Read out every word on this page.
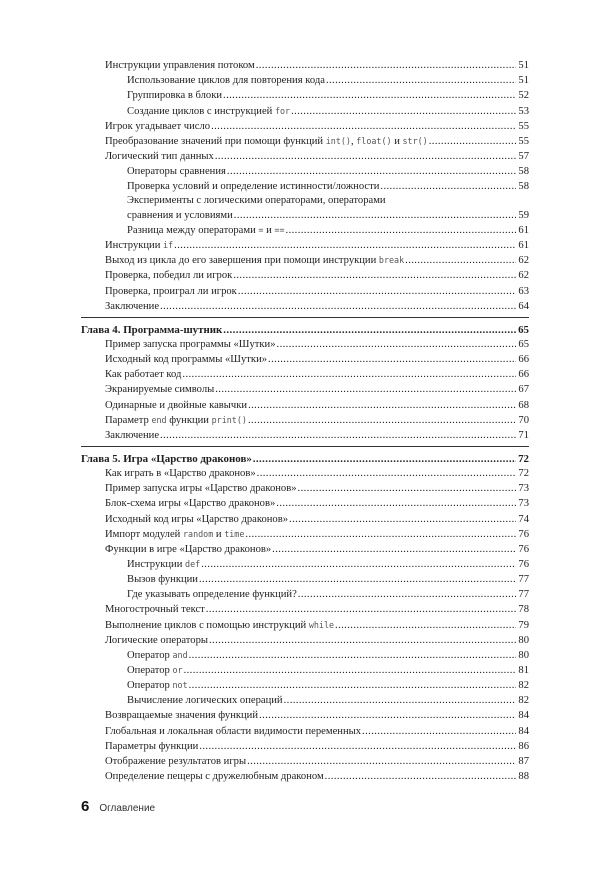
Инструкции управления потоком .....	51
Использование циклов для повторения кода .....	51
Группировка в блоки .....	52
Создание циклов с инструкцией for .....	53
Игрок угадывает число .....	55
Преобразование значений при помощи функций int(), float() и str() .....	55
Логический тип данных .....	57
Операторы сравнения .....	58
Проверка условий и определение истинности/ложности .....	58
Эксперименты с логическими операторами, операторами
сравнения и условиями .....	59
Разница между операторами = и == .....	61
Инструкции if .....	61
Выход из цикла до его завершения при помощи инструкции break .....	62
Проверка, победил ли игрок .....	62
Проверка, проиграл ли игрок .....	63
Заключение .....	64
Глава 4. Программа-шутник .....	65
Пример запуска программы «Шутки» .....	65
Исходный код программы «Шутки» .....	66
Как работает код .....	66
Экранируемые символы .....	67
Одинарные и двойные кавычки .....	68
Параметр end функции print() .....	70
Заключение .....	71
Глава 5. Игра «Царство драконов» .....	72
Как играть в «Царство драконов» .....	72
Пример запуска игры «Царство драконов» .....	73
Блок-схема игры «Царство драконов» .....	73
Исходный код игры «Царство драконов» .....	74
Импорт модулей random и time .....	76
Функции в игре «Царство драконов» .....	76
Инструкции def .....	76
Вызов функции .....	77
Где указывать определение функций? .....	77
Многострочный текст .....	78
Выполнение циклов с помощью инструкций while .....	79
Логические операторы .....	80
Оператор and .....	80
Оператор or .....	81
Оператор not .....	82
Вычисление логических операций .....	82
Возвращаемые значения функций .....	84
Глобальная и локальная области видимости переменных .....	84
Параметры функции .....	86
Отображение результатов игры .....	87
Определение пещеры с дружелюбным драконом .....	88
6 Оглавление
